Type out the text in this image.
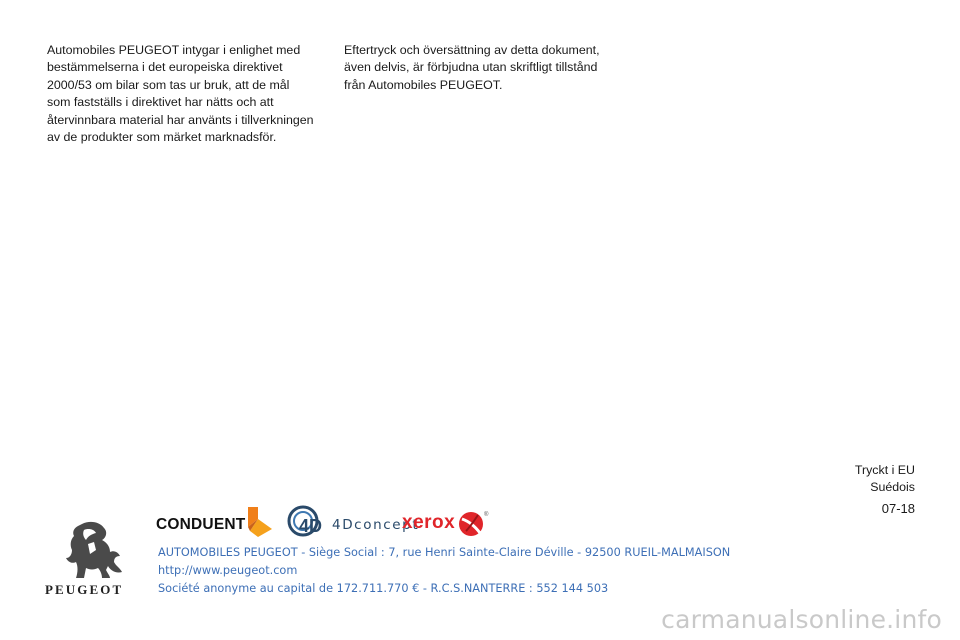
Automobiles PEUGEOT intygar i enlighet med
bestämmelserna i det europeiska direktivet
2000/53 om bilar som tas ur bruk, att de mål
som fastställs i direktivet har nätts och att
återvinnbara material har använts i tillverkningen
av de produkter som märket marknadsför.
Eftertryck och översättning av detta dokument,
även delvis, är förbjudna utan skriftligt tillstånd
från Automobiles PEUGEOT.
Tryckt i EU
Suédois
07-18
PEUGEOT
CONDUENT	4D 4Dconcept
xerox	®
AUTOMOBILES PEUGEOT - Siège Social : 7, rue Henri Sainte-Claire Déville - 92500 RUEIL-MALMAISON
http://www.peugeot.com
Société anonyme au capital de 172.711.770 € - R.C.S.NANTERRE : 552 144 503
carmanualsonline.info
